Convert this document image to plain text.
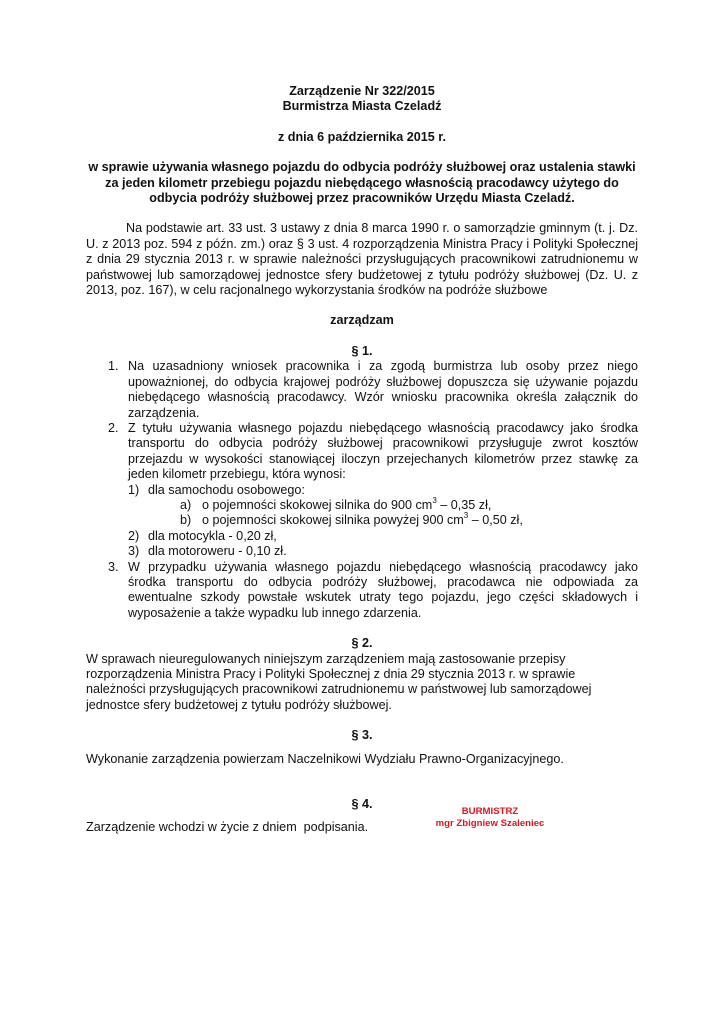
Zarządzenie Nr 322/2015

Burmistrza Miasta Czeladź

z dnia 6 października 2015 r.

w sprawie używania własnego pojazdu do odbycia podróży służbowej oraz ustalenia stawki za jeden kilometr przebiegu pojazdu niebędącego własnością pracodawcy użytego do odbycia podróży służbowej przez pracowników Urzędu Miasta Czeladź.

Na podstawie art. 33 ust. 3 ustawy z dnia 8 marca 1990 r. o samorządzie gminnym (t. j. Dz. U. z 2013 poz. 594 z późn. zm.) oraz § 3 ust. 4 rozporządzenia Ministra Pracy i Polityki Społecznej z dnia 29 stycznia 2013 r. w sprawie należności przysługujących pracownikowi zatrudnionemu w państwowej lub samorządowej jednostce sfery budżetowej z tytułu podróży służbowej (Dz. U. z 2013, poz. 167), w celu racjonalnego wykorzystania środków na podróże służbowe

zarządzam

§ 1.

1. Na uzasadniony wniosek pracownika i za zgodą burmistrza lub osoby przez niego upoważnionej, do odbycia krajowej podróży służbowej dopuszcza się używanie pojazdu niebędącego własnością pracodawcy. Wzór wniosku pracownika określa załącznik do zarządzenia.
2. Z tytułu używania własnego pojazdu niebędącego własnością pracodawcy jako środka transportu do odbycia podróży służbowej pracownikowi przysługuje zwrot kosztów przejazdu w wysokości stanowiącej iloczyn przejechanych kilometrów przez stawkę za jeden kilometr przebiegu, która wynosi:
1) dla samochodu osobowego:
a) o pojemności skokowej silnika do 900 $cm^3 - 0,35$ zł,
b) o pojemności skokowej silnika powyżej 900 $cm^3 - 0,50$ zł,
2) dla motocykla - 0,20 zł,
3) dla motoroweru - 0,10 zł.
3. W przypadku używania własnego pojazdu niebędącego własnością pracodawcy jako środka transportu do odbycia podróży służbowej, pracodawca nie odpowiada za ewentualne szkody powstałe wskutek utraty tego pojazdu, jego części składowych i wyposażenie a także wypadku lub innego zdarzenia.

§ 2.

W sprawach nieuregulowanych niniejszym zarządzeniem mają zastosowanie przepisy rozporządzenia Ministra Pracy i Polityki Społecznej z dnia 29 stycznia 2013 r. w sprawie należności przysługujących pracownikowi zatrudnionemu w państwowej lub samorządowej jednostce sfery budżetowej z tytułu podróży służbowej.

§ 3.

Wykonanie zarządzenia powierzam Naczelnikowi Wydziału Prawno-Organizacyjnego.

§ 4.

Zarządzenie wchodzi w życie z dniem  podpisania.

BURMISTRZ
mgr Zbigniew Szaleniec
